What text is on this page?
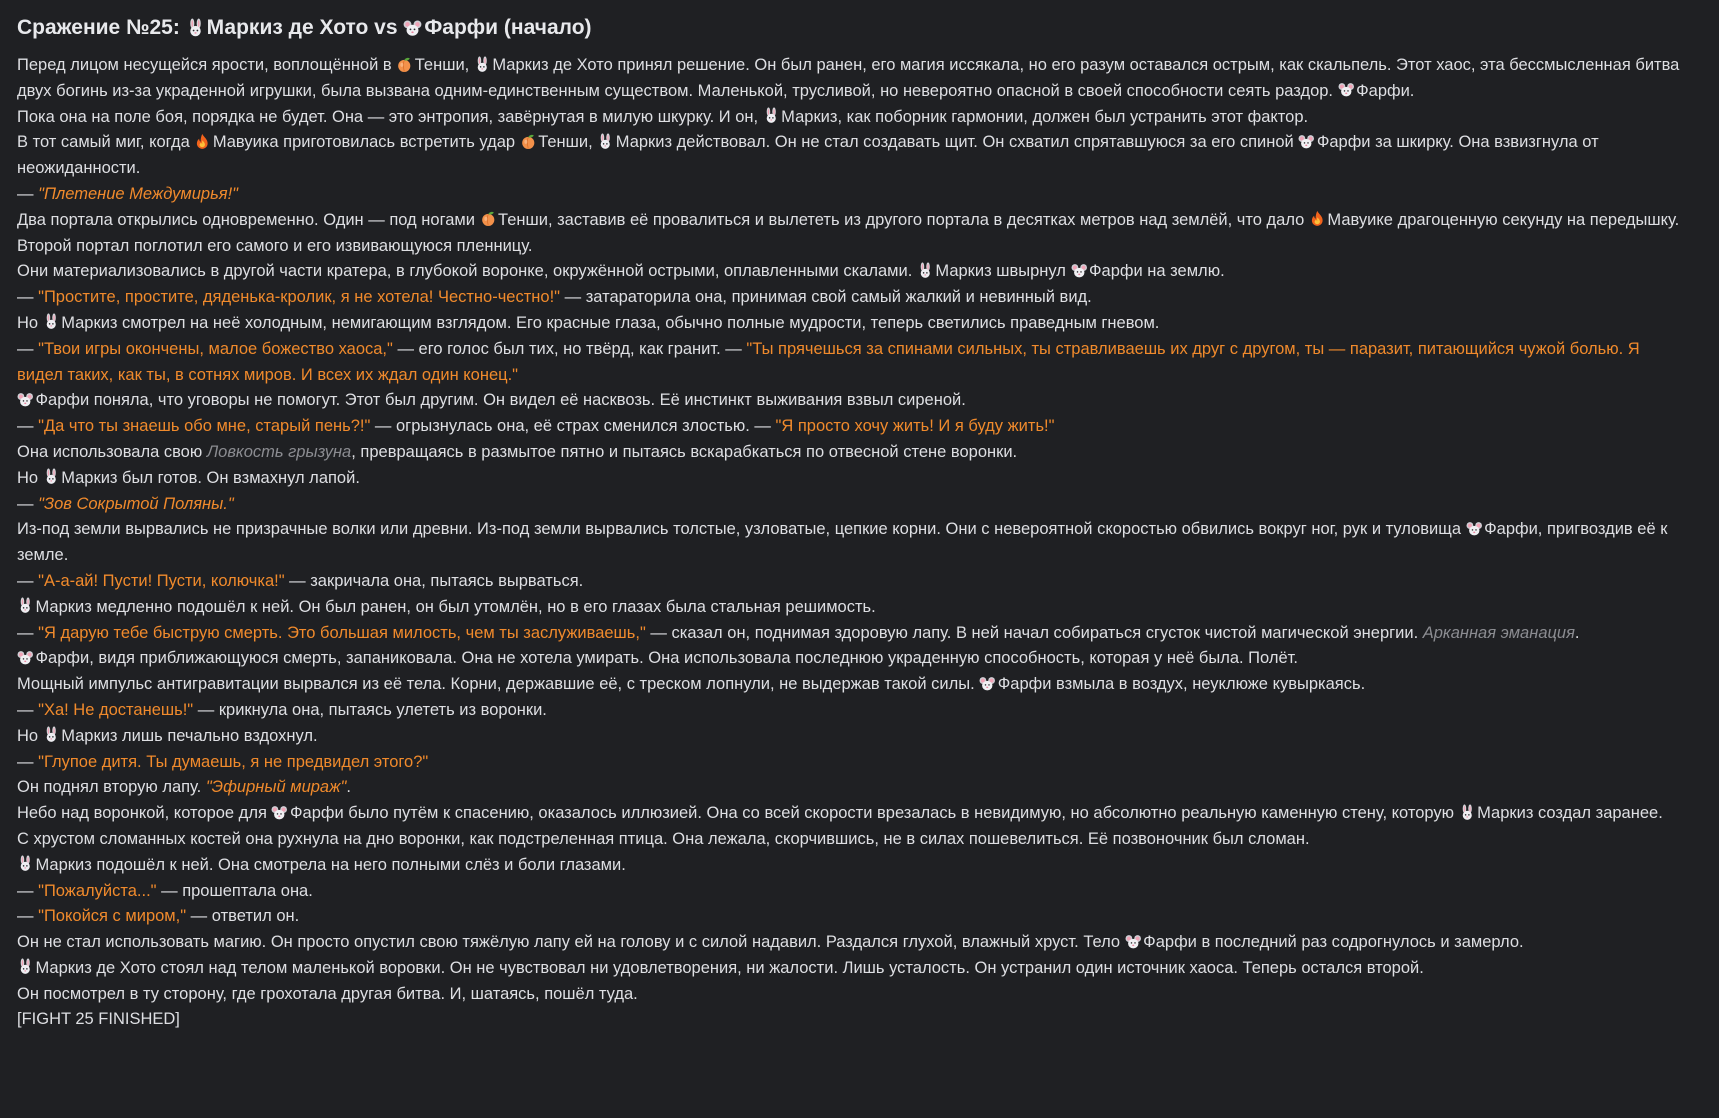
Сражение №25:
Маркиз де Хото vs
Фарфи (начало)
Перед лицом несущейся ярости, воплощённой в
Тенши,
Маркиз де Хото принял решение. Он был ранен, его магия иссякала, но его разум оставался острым, как скальпель. Этот хаос, эта бессмысленная битва двух богинь из-за украденной игрушки, была вызвана одним-единственным существом. Маленькой, трусливой, но невероятно опасной в своей способности сеять раздор.
Фарфи.
Пока она на поле боя, порядка не будет. Она — это энтропия, завёрнутая в милую шкурку. И он,
Маркиз, как поборник гармонии, должен был устранить этот фактор.
В тот самый миг, когда
Мавуика приготовилась встретить удар
Тенши,
Маркиз действовал. Он не стал создавать щит. Он схватил спрятавшуюся за его спиной
Фарфи за шкирку. Она взвизгнула от неожиданности.
— "Плетение Междумирья!"
Два портала открылись одновременно. Один — под ногами
Тенши, заставив её провалиться и вылететь из другого портала в десятках метров над землёй, что дало
Мавуике драгоценную секунду на передышку. Второй портал поглотил его самого и его извивающуюся пленницу.
Они материализовались в другой части кратера, в глубокой воронке, окружённой острыми, оплавленными скалами.
Маркиз швырнул
Фарфи на землю.
— "Простите, простите, дяденька-кролик, я не хотела! Честно-честно!" — затараторила она, принимая свой самый жалкий и невинный вид.
Но
Маркиз смотрел на неё холодным, немигающим взглядом. Его красные глаза, обычно полные мудрости, теперь светились праведным гневом.
— "Твои игры окончены, малое божество хаоса," — его голос был тих, но твёрд, как гранит. — "Ты прячешься за спинами сильных, ты стравливаешь их друг с другом, ты — паразит, питающийся чужой болью. Я видел таких, как ты, в сотнях миров. И всех их ждал один конец."
Фарфи поняла, что уговоры не помогут. Этот был другим. Он видел её насквозь. Её инстинкт выживания взвыл сиреной.
— "Да что ты знаешь обо мне, старый пень?!" — огрызнулась она, её страх сменился злостью. — "Я просто хочу жить! И я буду жить!"
Она использовала свою Ловкость грызуна, превращаясь в размытое пятно и пытаясь вскарабкаться по отвесной стене воронки.
Но
Маркиз был готов. Он взмахнул лапой.
— "Зов Сокрытой Поляны."
Из-под земли вырвались не призрачные волки или древни. Из-под земли вырвались толстые, узловатые, цепкие корни. Они с невероятной скоростью обвились вокруг ног, рук и туловища
Фарфи, пригвоздив её к земле.
— "А-а-ай! Пусти! Пусти, колючка!" — закричала она, пытаясь вырваться.
Маркиз медленно подошёл к ней. Он был ранен, он был утомлён, но в его глазах была стальная решимость.
— "Я дарую тебе быструю смерть. Это большая милость, чем ты заслуживаешь," — сказал он, поднимая здоровую лапу. В ней начал собираться сгусток чистой магической энергии. Арканная эманация.
Фарфи, видя приближающуюся смерть, запаниковала. Она не хотела умирать. Она использовала последнюю украденную способность, которая у неё была. Полёт.
Мощный импульс антигравитации вырвался из её тела. Корни, державшие её, с треском лопнули, не выдержав такой силы.
Фарфи взмыла в воздух, неуклюже кувыркаясь.
— "Ха! Не достанешь!" — крикнула она, пытаясь улететь из воронки.
Но
Маркиз лишь печально вздохнул.
— "Глупое дитя. Ты думаешь, я не предвидел этого?"
Он поднял вторую лапу. "Эфирный мираж".
Небо над воронкой, которое для
Фарфи было путём к спасению, оказалось иллюзией. Она со всей скорости врезалась в невидимую, но абсолютно реальную каменную стену, которую
Маркиз создал заранее.
С хрустом сломанных костей она рухнула на дно воронки, как подстреленная птица. Она лежала, скорчившись, не в силах пошевелиться. Её позвоночник был сломан.
Маркиз подошёл к ней. Она смотрела на него полными слёз и боли глазами.
— "Пожалуйста..." — прошептала она.
— "Покойся с миром," — ответил он.
Он не стал использовать магию. Он просто опустил свою тяжёлую лапу ей на голову и с силой надавил. Раздался глухой, влажный хруст. Тело
Фарфи в последний раз содрогнулось и замерло.
Маркиз де Хото стоял над телом маленькой воровки. Он не чувствовал ни удовлетворения, ни жалости. Лишь усталость. Он устранил один источник хаоса. Теперь остался второй.
Он посмотрел в ту сторону, где грохотала другая битва. И, шатаясь, пошёл туда.
[FIGHT 25 FINISHED]
